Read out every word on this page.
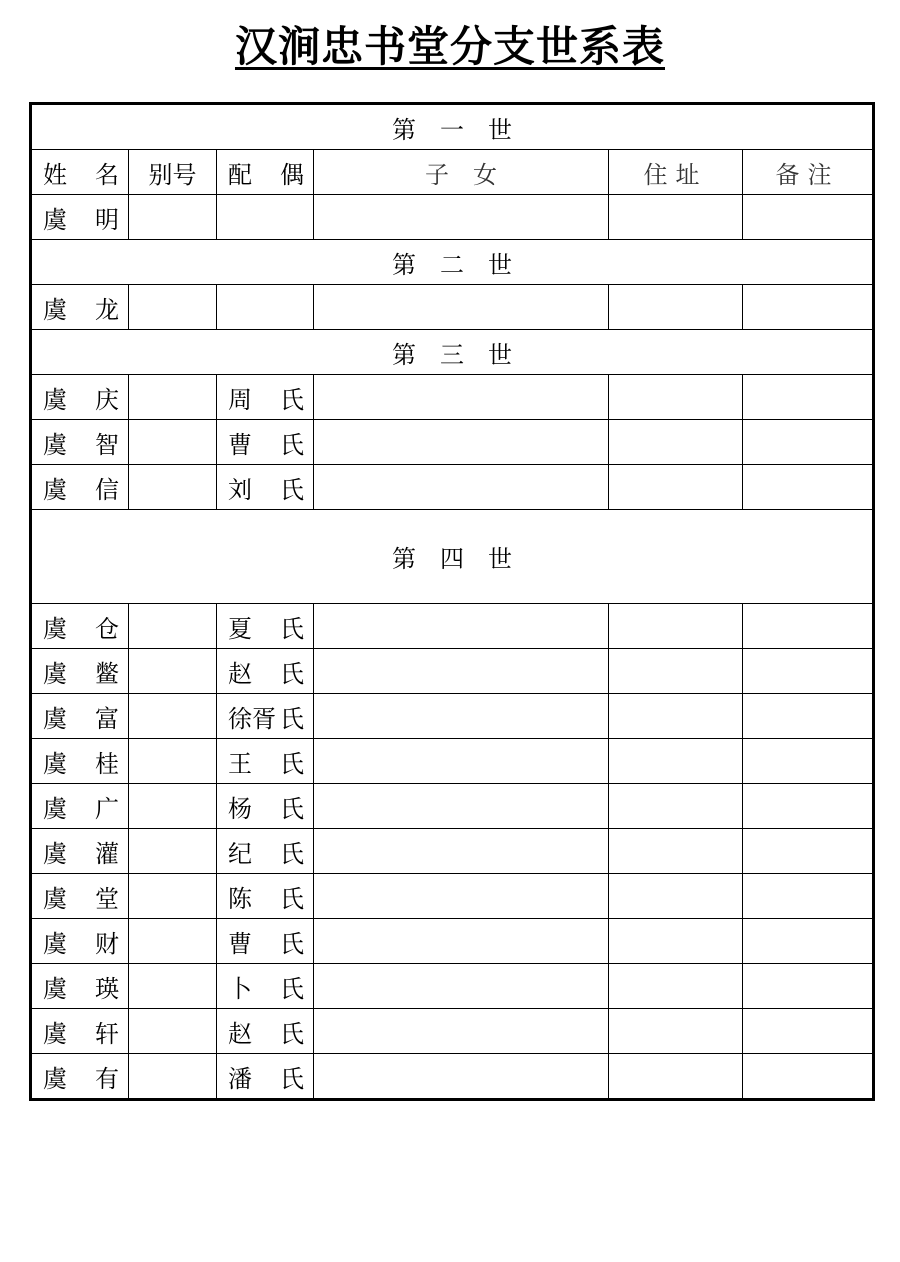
汉涧忠书堂分支世系表
第　一　世					

姓 名	别号	配 偶	子　女	住址	备注

虞 明					

第　二　世					

虞 龙					

第　三　世					

虞 庆		周 氏			

虞 智		曹 氏			

虞 信		刘 氏			

第　四　世					

虞 仓		夏 氏			

虞 鳖		赵 氏			

虞 富		徐胥 氏			

虞 桂		王 氏			

虞 广		杨 氏			

虞 灌		纪 氏			

虞 堂		陈 氏			

虞 财		曹 氏			

虞 瑛		卜 氏			

虞 轩		赵 氏			

虞 有		潘 氏			
